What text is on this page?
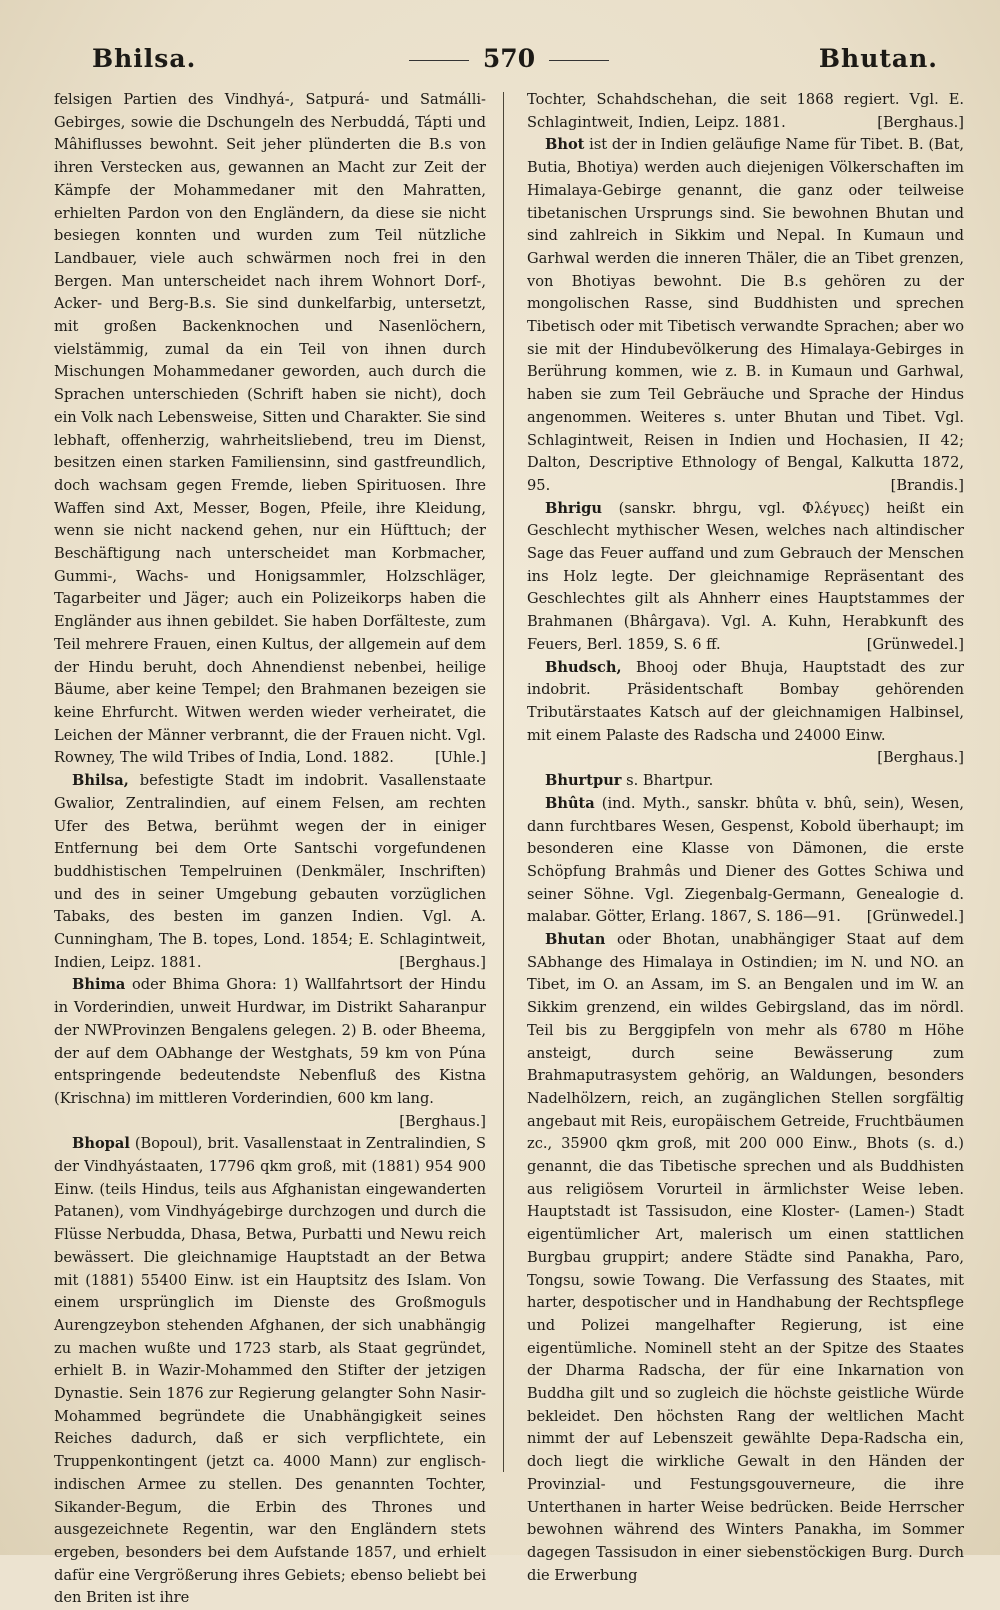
Bhilsa.	570	Bhutan.

felsigen Partien des Vindhyá-, Satpurá- und Satmálli-Gebirges, sowie die Dschungeln des Nerbuddá, Tápti und Mâhiflusses bewohnt. Seit jeher plünderten die B.s von ihren Verstecken aus, gewannen an Macht zur Zeit der Kämpfe der Mohammedaner mit den Mahratten, erhielten Pardon von den Engländern, da diese sie nicht besiegen konnten und wurden zum Teil nützliche Landbauer, viele auch schwärmen noch frei in den Bergen. Man unterscheidet nach ihrem Wohnort Dorf-, Acker- und Berg-B.s. Sie sind dunkelfarbig, untersetzt, mit großen Backenknochen und Nasenlöchern, vielstämmig, zumal da ein Teil von ihnen durch Mischungen Mohammedaner geworden, auch durch die Sprachen unterschieden (Schrift haben sie nicht), doch ein Volk nach Lebensweise, Sitten und Charakter. Sie sind lebhaft, offenherzig, wahrheitsliebend, treu im Dienst, besitzen einen starken Familiensinn, sind gastfreundlich, doch wachsam gegen Fremde, lieben Spirituosen. Ihre Waffen sind Axt, Messer, Bogen, Pfeile, ihre Kleidung, wenn sie nicht nackend gehen, nur ein Hüfttuch; der Beschäftigung nach unterscheidet man Korbmacher, Gummi-, Wachs- und Honigsammler, Holzschläger, Tagarbeiter und Jäger; auch ein Polizeikorps haben die Engländer aus ihnen gebildet. Sie haben Dorfälteste, zum Teil mehrere Frauen, einen Kultus, der allgemein auf dem der Hindu beruht, doch Ahnendienst nebenbei, heilige Bäume, aber keine Tempel; den Brahmanen bezeigen sie keine Ehrfurcht. Witwen werden wieder verheiratet, die Leichen der Männer verbrannt, die der Frauen nicht. Vgl. Rowney, The wild Tribes of India, Lond. 1882.	[Uhle.]

Bhilsa, befestigte Stadt im indobrit. Vasallenstaate Gwalior, Zentralindien, auf einem Felsen, am rechten Ufer des Betwa, berühmt wegen der in einiger Entfernung bei dem Orte Santschi vorgefundenen buddhistischen Tempelruinen (Denkmäler, Inschriften) und des in seiner Umgebung gebauten vorzüglichen Tabaks, des besten im ganzen Indien. Vgl. A. Cunningham, The B. topes, Lond. 1854; E. Schlagintweit, Indien, Leipz. 1881.	[Berghaus.]

Bhima oder Bhima Ghora: 1) Wallfahrtsort der Hindu in Vorderindien, unweit Hurdwar, im Distrikt Saharanpur der NWProvinzen Bengalens gelegen. 2) B. oder Bheema, der auf dem OAbhange der Westghats, 59 km von Púna entspringende bedeutendste Nebenfluß des Kistna (Krischna) im mittleren Vorderindien, 600 km lang.
[Berghaus.]

Bhopal (Bopoul), brit. Vasallenstaat in Zentralindien, S der Vindhyástaaten, 17796 qkm groß, mit (1881) 954 900 Einw. (teils Hindus, teils aus Afghanistan eingewanderten Patanen), vom Vindhyágebirge durchzogen und durch die Flüsse Nerbudda, Dhasa, Betwa, Purbatti und Newu reich bewässert. Die gleichnamige Hauptstadt an der Betwa mit (1881) 55400 Einw. ist ein Hauptsitz des Islam. Von einem ursprünglich im Dienste des Großmoguls Aurengzeybon stehenden Afghanen, der sich unabhängig zu machen wußte und 1723 starb, als Staat gegründet, erhielt B. in Wazir-Mohammed den Stifter der jetzigen Dynastie. Sein 1876 zur Regierung gelangter Sohn Nasir-Mohammed begründete die Unabhängigkeit seines Reiches dadurch, daß er sich verpflichtete, ein Truppenkontingent (jetzt ca. 4000 Mann) zur englisch-indischen Armee zu stellen. Des genannten Tochter, Sikander-Begum, die Erbin des Thrones und ausgezeichnete Regentin, war den Engländern stets ergeben, besonders bei dem Aufstande 1857, und erhielt dafür eine Vergrößerung ihres Gebiets; ebenso beliebt bei den Briten ist ihre

Tochter, Schahdschehan, die seit 1868 regiert. Vgl. E. Schlagintweit, Indien, Leipz. 1881.	[Berghaus.]

Bhot ist der in Indien geläufige Name für Tibet. B. (Bat, Butia, Bhotiya) werden auch diejenigen Völkerschaften im Himalaya-Gebirge genannt, die ganz oder teilweise tibetanischen Ursprungs sind. Sie bewohnen Bhutan und sind zahlreich in Sikkim und Nepal. In Kumaun und Garhwal werden die inneren Thäler, die an Tibet grenzen, von Bhotiyas bewohnt. Die B.s gehören zu der mongolischen Rasse, sind Buddhisten und sprechen Tibetisch oder mit Tibetisch verwandte Sprachen; aber wo sie mit der Hindubevölkerung des Himalaya-Gebirges in Berührung kommen, wie z. B. in Kumaun und Garhwal, haben sie zum Teil Gebräuche und Sprache der Hindus angenommen. Weiteres s. unter Bhutan und Tibet. Vgl. Schlagintweit, Reisen in Indien und Hochasien, II 42; Dalton, Descriptive Ethnology of Bengal, Kalkutta 1872, 95.	[Brandis.]

Bhrigu (sanskr. bhrgu, vgl. Φλέγυες) heißt ein Geschlecht mythischer Wesen, welches nach altindischer Sage das Feuer auffand und zum Gebrauch der Menschen ins Holz legte. Der gleichnamige Repräsentant des Geschlechtes gilt als Ahnherr eines Hauptstammes der Brahmanen (Bhârgava). Vgl. A. Kuhn, Herabkunft des Feuers, Berl. 1859, S. 6 ff.	[Grünwedel.]

Bhudsch, Bhooj oder Bhuja, Hauptstadt des zur indobrit. Präsidentschaft Bombay gehörenden Tributärstaates Katsch auf der gleichnamigen Halbinsel, mit einem Palaste des Radscha und 24000 Einw.
[Berghaus.]

Bhurtpur s. Bhartpur.

Bhûta (ind. Myth., sanskr. bhûta v. bhû, sein), Wesen, dann furchtbares Wesen, Gespenst, Kobold überhaupt; im besonderen eine Klasse von Dämonen, die erste Schöpfung Brahmâs und Diener des Gottes Schiwa und seiner Söhne. Vgl. Ziegenbalg-Germann, Genealogie d. malabar. Götter, Erlang. 1867, S. 186—91.	[Grünwedel.]

Bhutan oder Bhotan, unabhängiger Staat auf dem SAbhange des Himalaya in Ostindien; im N. und NO. an Tibet, im O. an Assam, im S. an Bengalen und im W. an Sikkim grenzend, ein wildes Gebirgsland, das im nördl. Teil bis zu Berggipfeln von mehr als 6780 m Höhe ansteigt, durch seine Bewässerung zum Brahmaputrasystem gehörig, an Waldungen, besonders Nadelhölzern, reich, an zugänglichen Stellen sorgfältig angebaut mit Reis, europäischem Getreide, Fruchtbäumen zc., 35900 qkm groß, mit 200 000 Einw., Bhots (s. d.) genannt, die das Tibetische sprechen und als Buddhisten aus religiösem Vorurteil in ärmlichster Weise leben. Hauptstadt ist Tassisudon, eine Kloster- (Lamen-) Stadt eigentümlicher Art, malerisch um einen stattlichen Burgbau gruppirt; andere Städte sind Panakha, Paro, Tongsu, sowie Towang. Die Verfassung des Staates, mit harter, despotischer und in Handhabung der Rechtspflege und Polizei mangelhafter Regierung, ist eine eigentümliche. Nominell steht an der Spitze des Staates der Dharma Radscha, der für eine Inkarnation von Buddha gilt und so zugleich die höchste geistliche Würde bekleidet. Den höchsten Rang der weltlichen Macht nimmt der auf Lebenszeit gewählte Depa-Radscha ein, doch liegt die wirkliche Gewalt in den Händen der Provinzial- und Festungsgouverneure, die ihre Unterthanen in harter Weise bedrücken. Beide Herrscher bewohnen während des Winters Panakha, im Sommer dagegen Tassisudon in einer siebenstöckigen Burg. Durch die Erwerbung
